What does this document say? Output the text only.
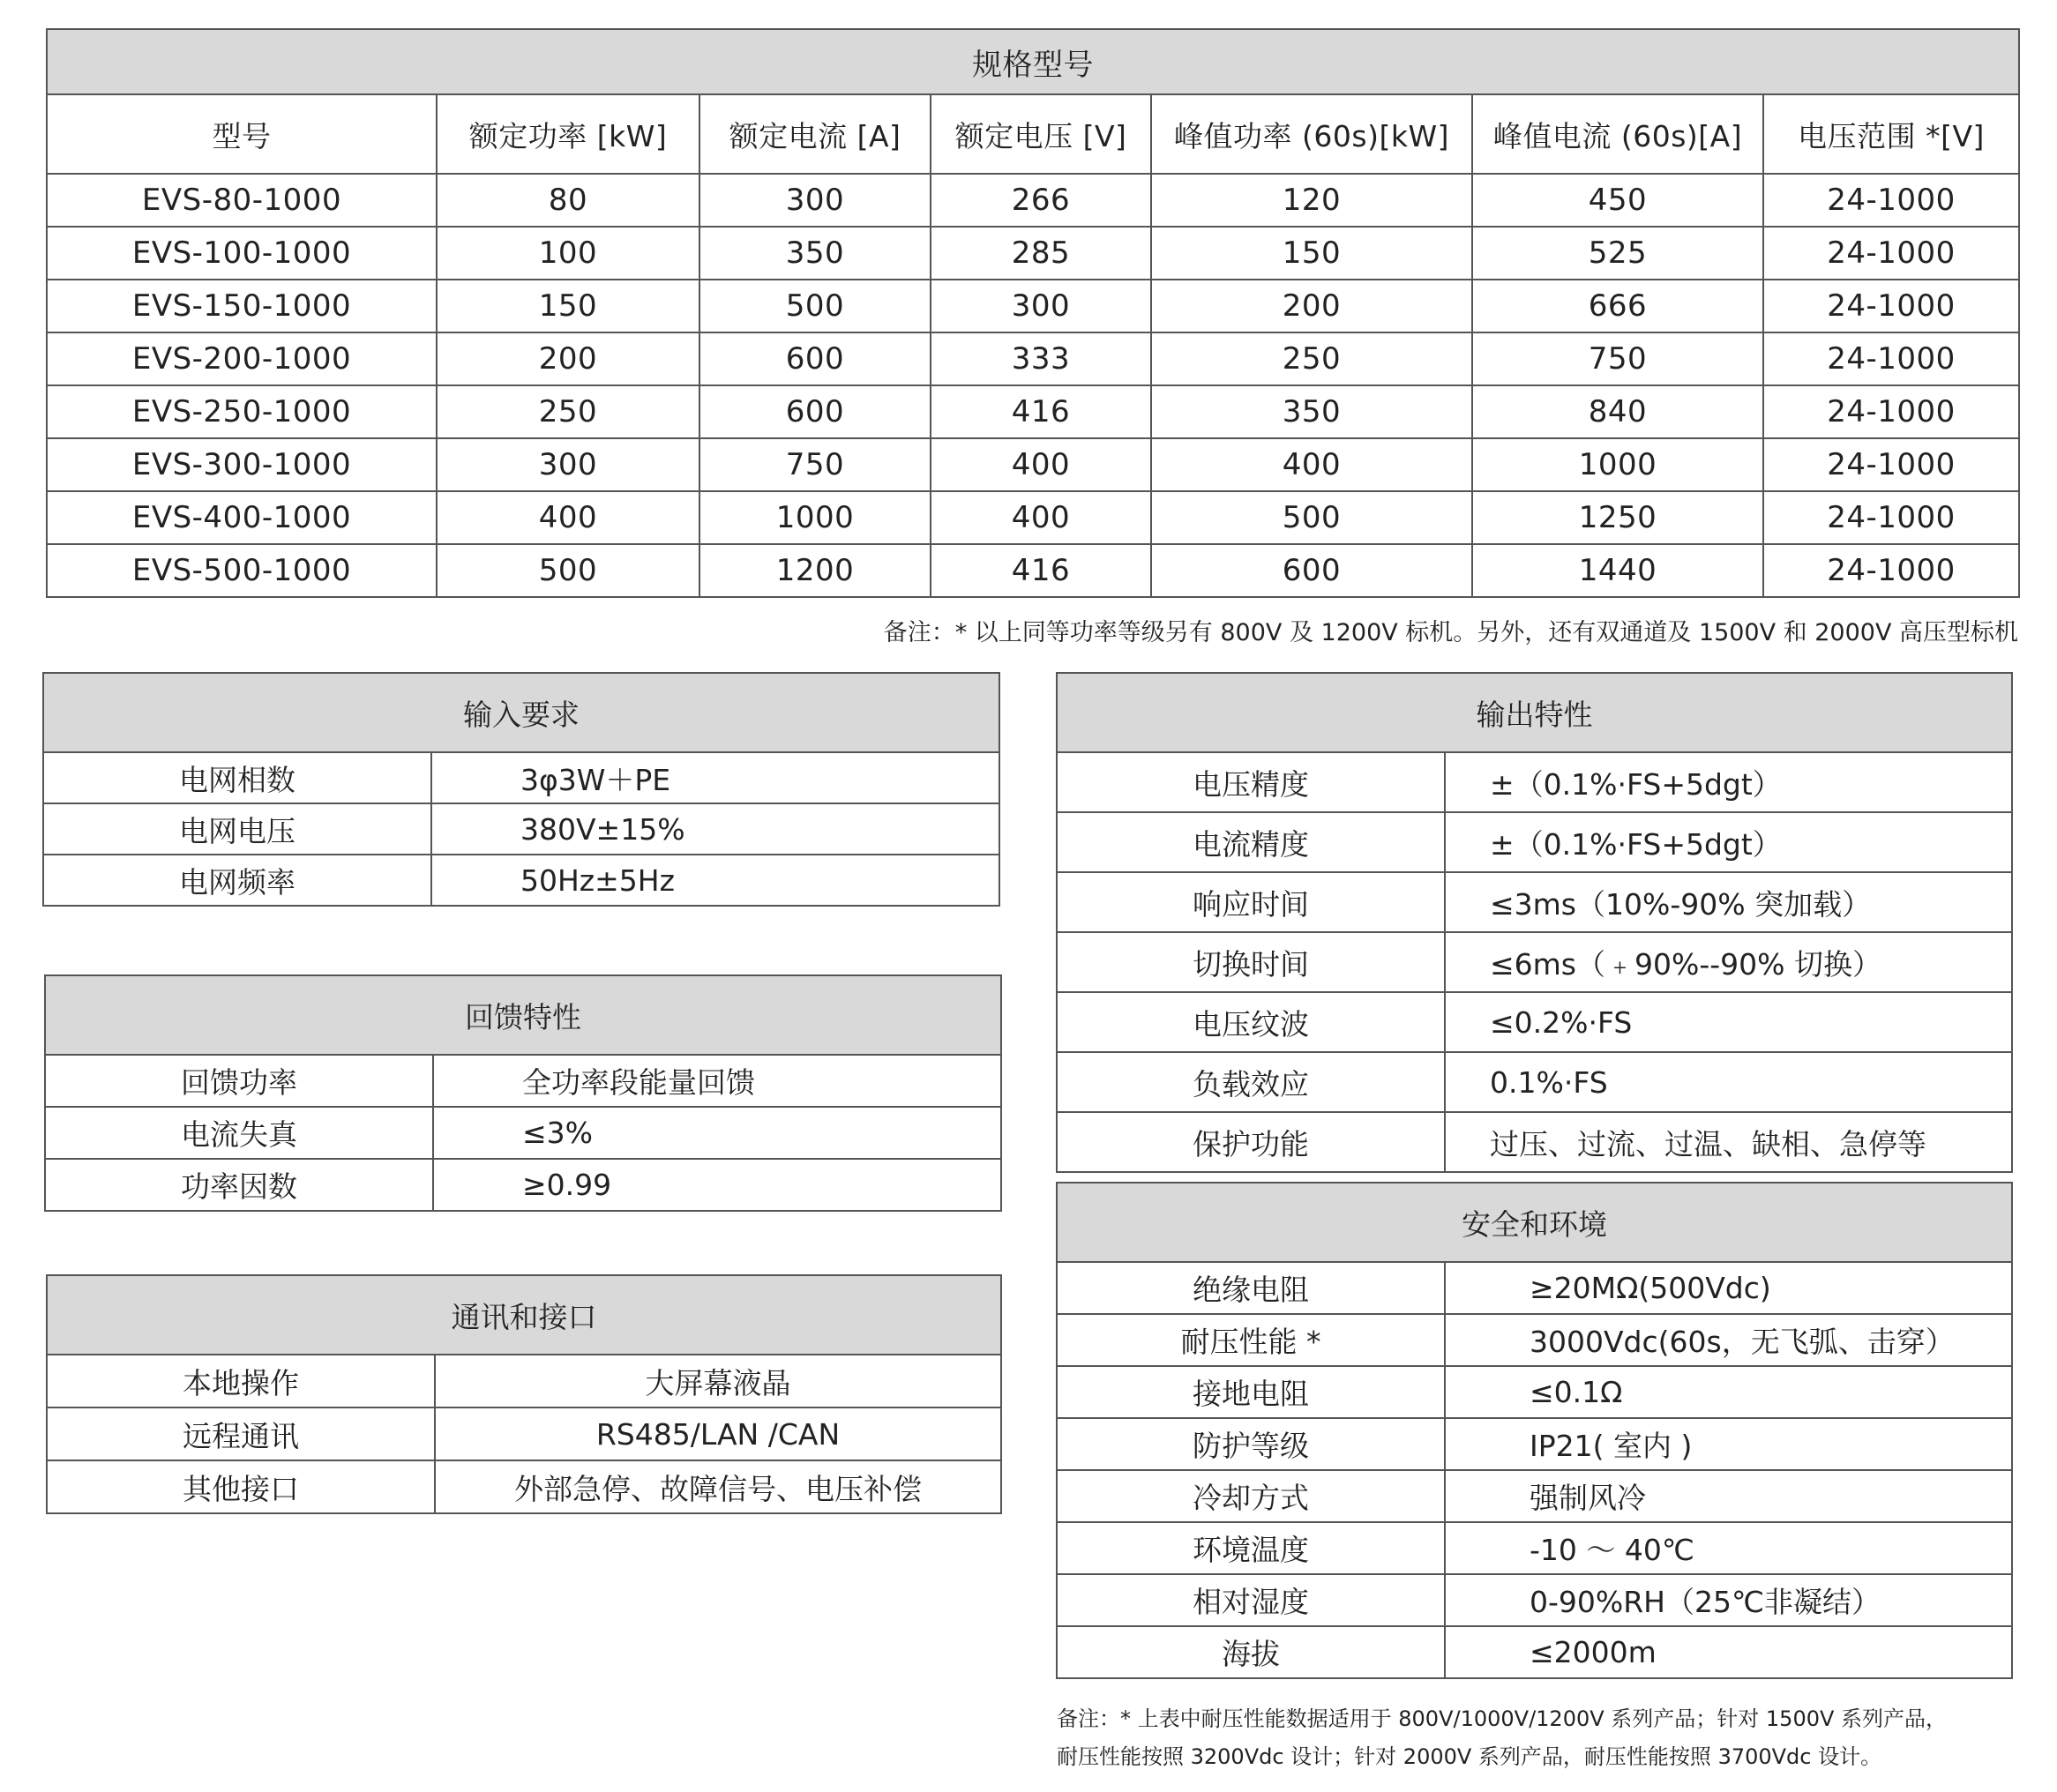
规格型号						
型号	额定功率 [kW]	额定电流 [A]	额定电压 [V]	峰值功率 (60s)[kW]	峰值电流 (60s)[A]	电压范围 *[V]
EVS-80-1000	80	300	266	120	450	24-1000
EVS-100-1000	100	350	285	150	525	24-1000
EVS-150-1000	150	500	300	200	666	24-1000
EVS-200-1000	200	600	333	250	750	24-1000
EVS-250-1000	250	600	416	350	840	24-1000
EVS-300-1000	300	750	400	400	1000	24-1000
EVS-400-1000	400	1000	400	500	1250	24-1000
EVS-500-1000	500	1200	416	600	1440	24-1000
备注：* 以上同等功率等级另有 800V 及 1200V 标机。另外，还有双通道及 1500V 和 2000V 高压型标机
输入要求	
电网相数	3φ3W＋PE
电网电压	380V±15%
电网频率	50Hz±5Hz
回馈特性	
回馈功率	全功率段能量回馈
电流失真	≤3%
功率因数	≥0.99
通讯和接口	
本地操作	大屏幕液晶
远程通讯	RS485/LAN /CAN
其他接口	外部急停、故障信号、电压补偿
输出特性	
电压精度	±（0.1%·FS+5dgt）
电流精度	±（0.1%·FS+5dgt）
响应时间	≤3ms（10%-90% 突加载）
切换时间	≤6ms（﹢90%--90% 切换）
电压纹波	≤0.2%·FS
负载效应	0.1%·FS
保护功能	过压、过流、过温、缺相、急停等
安全和环境	
绝缘电阻	≥20MΩ(500Vdc)
耐压性能 *	3000Vdc(60s，无飞弧、击穿）
接地电阻	≤0.1Ω
防护等级	IP21( 室内 )
冷却方式	强制风冷
环境温度	-10 ～ 40℃
相对湿度	0-90%RH（25℃非凝结）
海拔	≤2000m
备注：* 上表中耐压性能数据适用于 800V/1000V/1200V 系列产品；针对 1500V 系列产品，
耐压性能按照 3200Vdc 设计；针对 2000V 系列产品，耐压性能按照 3700Vdc 设计。
